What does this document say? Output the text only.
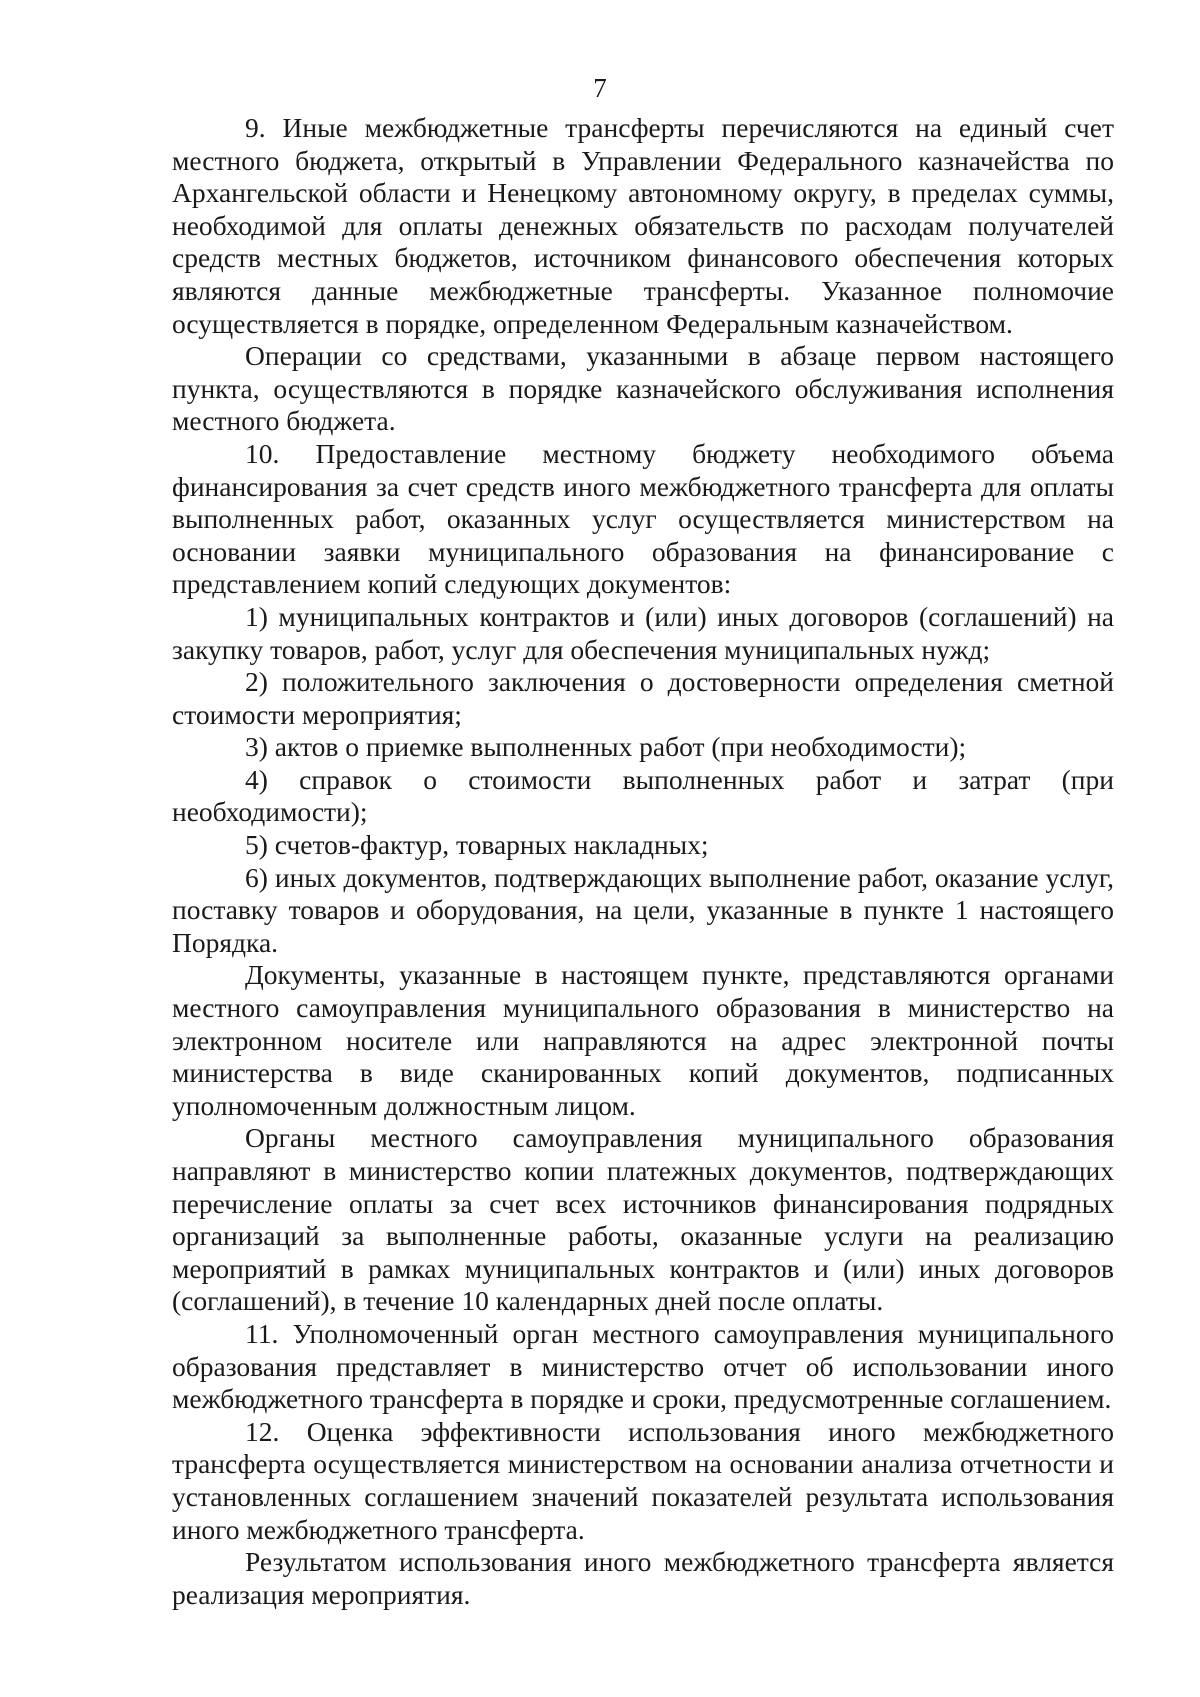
7

9. Иные межбюджетные трансферты перечисляются на единый счет местного бюджета, открытый в Управлении Федерального казначейства по Архангельской области и Ненецкому автономному округу, в пределах суммы, необходимой для оплаты денежных обязательств по расходам получателей средств местных бюджетов, источником финансового обеспечения которых являются данные межбюджетные трансферты. Указанное полномочие осуществляется в порядке, определенном Федеральным казначейством.

Операции со средствами, указанными в абзаце первом настоящего пункта, осуществляются в порядке казначейского обслуживания исполнения местного бюджета.

10. Предоставление местному бюджету необходимого объема финансирования за счет средств иного межбюджетного трансферта для оплаты выполненных работ, оказанных услуг осуществляется министерством на основании заявки муниципального образования на финансирование с представлением копий следующих документов:

1) муниципальных контрактов и (или) иных договоров (соглашений) на закупку товаров, работ, услуг для обеспечения муниципальных нужд;

2) положительного заключения о достоверности определения сметной стоимости мероприятия;

3) актов о приемке выполненных работ (при необходимости);

4) справок о стоимости выполненных работ и затрат (при необходимости);

5) счетов-фактур, товарных накладных;

6) иных документов, подтверждающих выполнение работ, оказание услуг, поставку товаров и оборудования, на цели, указанные в пункте 1 настоящего Порядка.

Документы, указанные в настоящем пункте, представляются органами местного самоуправления муниципального образования в министерство на электронном носителе или направляются на адрес электронной почты министерства в виде сканированных копий документов, подписанных уполномоченным должностным лицом.

Органы местного самоуправления муниципального образования направляют в министерство копии платежных документов, подтверждающих перечисление оплаты за счет всех источников финансирования подрядных организаций за выполненные работы, оказанные услуги на реализацию мероприятий в рамках муниципальных контрактов и (или) иных договоров (соглашений), в течение 10 календарных дней после оплаты.

11. Уполномоченный орган местного самоуправления муниципального образования представляет в министерство отчет об использовании иного межбюджетного трансферта в порядке и сроки, предусмотренные соглашением.

12. Оценка эффективности использования иного межбюджетного трансферта осуществляется министерством на основании анализа отчетности и установленных соглашением значений показателей результата использования иного межбюджетного трансферта.

Результатом использования иного межбюджетного трансферта является реализация мероприятия.
